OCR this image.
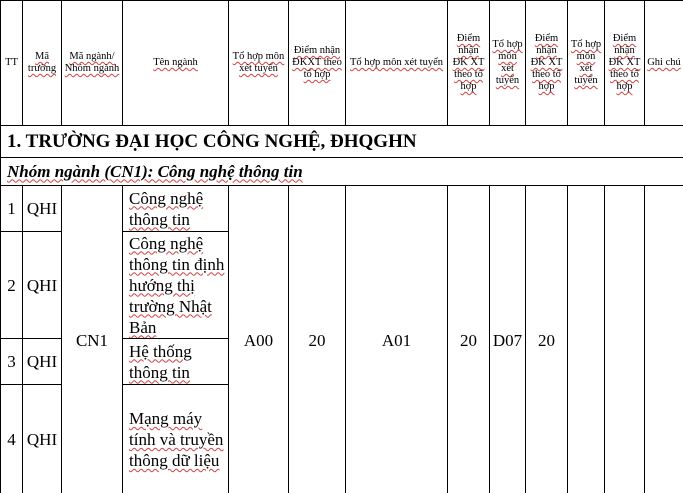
TT	Mã trường	Mã ngành/ Nhóm ngành	Tên ngành	Tổ hợp môn xét tuyển	Điểm nhận ĐKXT theo tổ hợp	Tổ hợp môn xét tuyển	Điểm nhận ĐK XT theo tổ hợp	Tổ hợp môn xét tuyển	Điểm nhận ĐK XT theo tổ hợp	Tổ hợp môn xét tuyển	Điểm nhận ĐK XT theo tổ hợp	Ghi chú
1. TRƯỜNG ĐẠI HỌC CÔNG NGHỆ, ĐHQGHN												
Nhóm ngành (CN1): Công nghệ thông tin												
1	QHI	CN1	Công nghệ thông tin	A00	20	A01	20	D07	20			
2	QHI		Công nghệ thông tin định hướng thị trường Nhật Bản									
3	QHI		Hệ thống thông tin									
4	QHI		Mạng máy tính và truyền thông dữ liệu									
